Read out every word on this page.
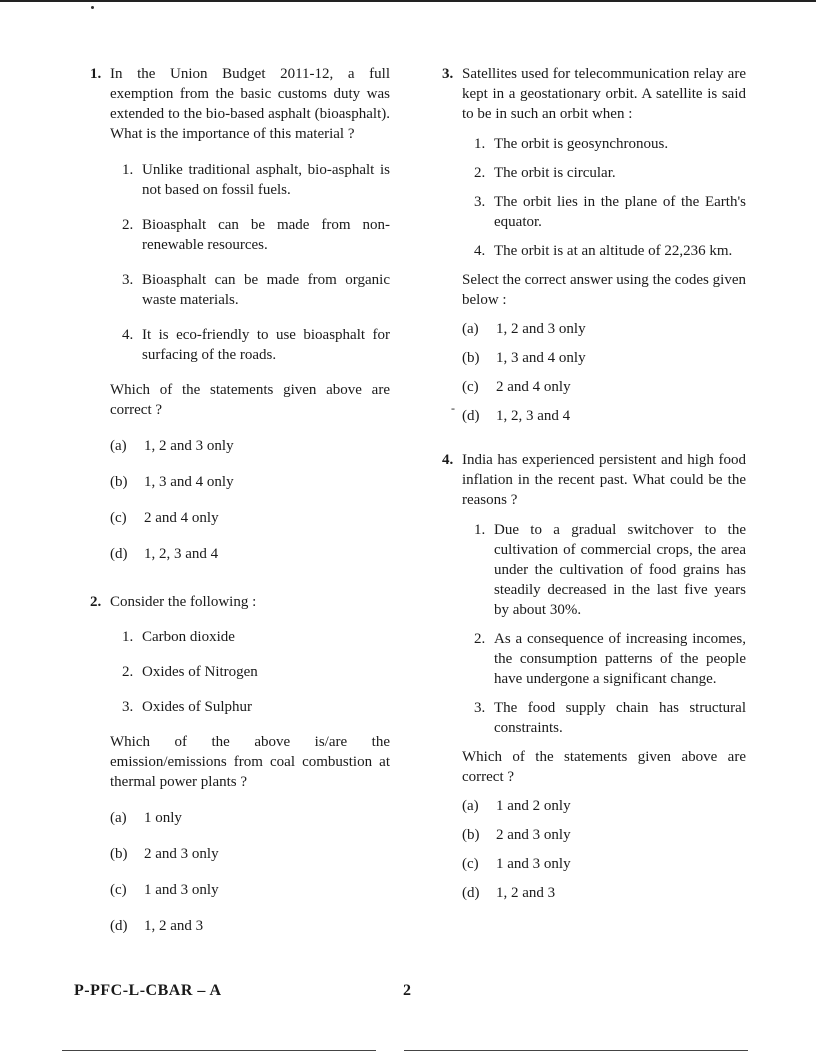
1. In the Union Budget 2011-12, a full exemption from the basic customs duty was extended to the bio-based asphalt (bioasphalt). What is the importance of this material ?

1. Unlike traditional asphalt, bio-asphalt is not based on fossil fuels.
2. Bioasphalt can be made from non-renewable resources.
3. Bioasphalt can be made from organic waste materials.
4. It is eco-friendly to use bioasphalt for surfacing of the roads.

Which of the statements given above are correct ?

(a) 1, 2 and 3 only
(b) 1, 3 and 4 only
(c) 2 and 4 only
(d) 1, 2, 3 and 4
2. Consider the following :

1. Carbon dioxide
2. Oxides of Nitrogen
3. Oxides of Sulphur

Which of the above is/are the emission/emissions from coal combustion at thermal power plants ?

(a) 1 only
(b) 2 and 3 only
(c) 1 and 3 only
(d) 1, 2 and 3
3. Satellites used for telecommunication relay are kept in a geostationary orbit. A satellite is said to be in such an orbit when :

1. The orbit is geosynchronous.
2. The orbit is circular.
3. The orbit lies in the plane of the Earth's equator.
4. The orbit is at an altitude of 22,236 km.

Select the correct answer using the codes given below :

(a) 1, 2 and 3 only
(b) 1, 3 and 4 only
(c) 2 and 4 only
(d) 1, 2, 3 and 4
4. India has experienced persistent and high food inflation in the recent past. What could be the reasons ?

1. Due to a gradual switchover to the cultivation of commercial crops, the area under the cultivation of food grains has steadily decreased in the last five years by about 30%.
2. As a consequence of increasing incomes, the consumption patterns of the people have undergone a significant change.
3. The food supply chain has structural constraints.

Which of the statements given above are correct ?

(a) 1 and 2 only
(b) 2 and 3 only
(c) 1 and 3 only
(d) 1, 2 and 3
-
P-PFC-L-CBAR – A	2
